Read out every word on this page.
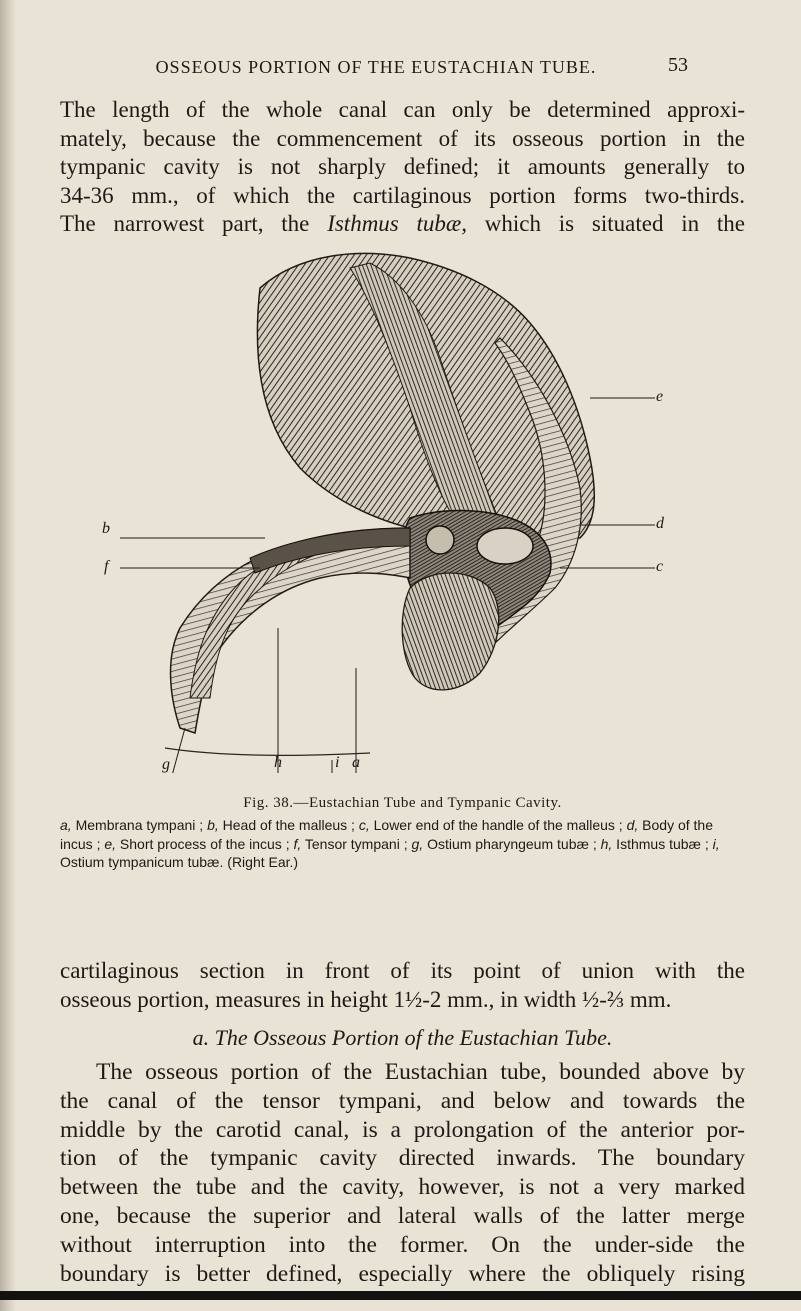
OSSEOUS PORTION OF THE EUSTACHIAN TUBE.	53

The length of the whole canal can only be determined approxi-
mately, because the commencement of its osseous portion in the
tympanic cavity is not sharply defined; it amounts generally to
34-36 mm., of which the cartilaginous portion forms two-thirds.
The narrowest part, the Isthmus tubæ, which is situated in the

b
f
e
d
c
g	h	i a
Fig. 38.—Eustachian Tube and Tympanic Cavity.
a, Membrana tympani ; b, Head of the malleus ; c, Lower end of the handle of the malleus ; d, Body of the incus ; e, Short process of the incus ; f, Tensor tympani ; g, Ostium pharyngeum tubæ ; h, Isthmus tubæ ; i, Ostium tympanicum tubæ. (Right Ear.)

cartilaginous section in front of its point of union with the
osseous portion, measures in height 1½-2 mm., in width ½-⅔ mm.

a. The Osseous Portion of the Eustachian Tube.

The osseous portion of the Eustachian tube, bounded above by
the canal of the tensor tympani, and below and towards the
middle by the carotid canal, is a prolongation of the anterior por-
tion of the tympanic cavity directed inwards. The boundary
between the tube and the cavity, however, is not a very marked
one, because the superior and lateral walls of the latter merge
without interruption into the former. On the under-side the
boundary is better defined, especially where the obliquely rising
